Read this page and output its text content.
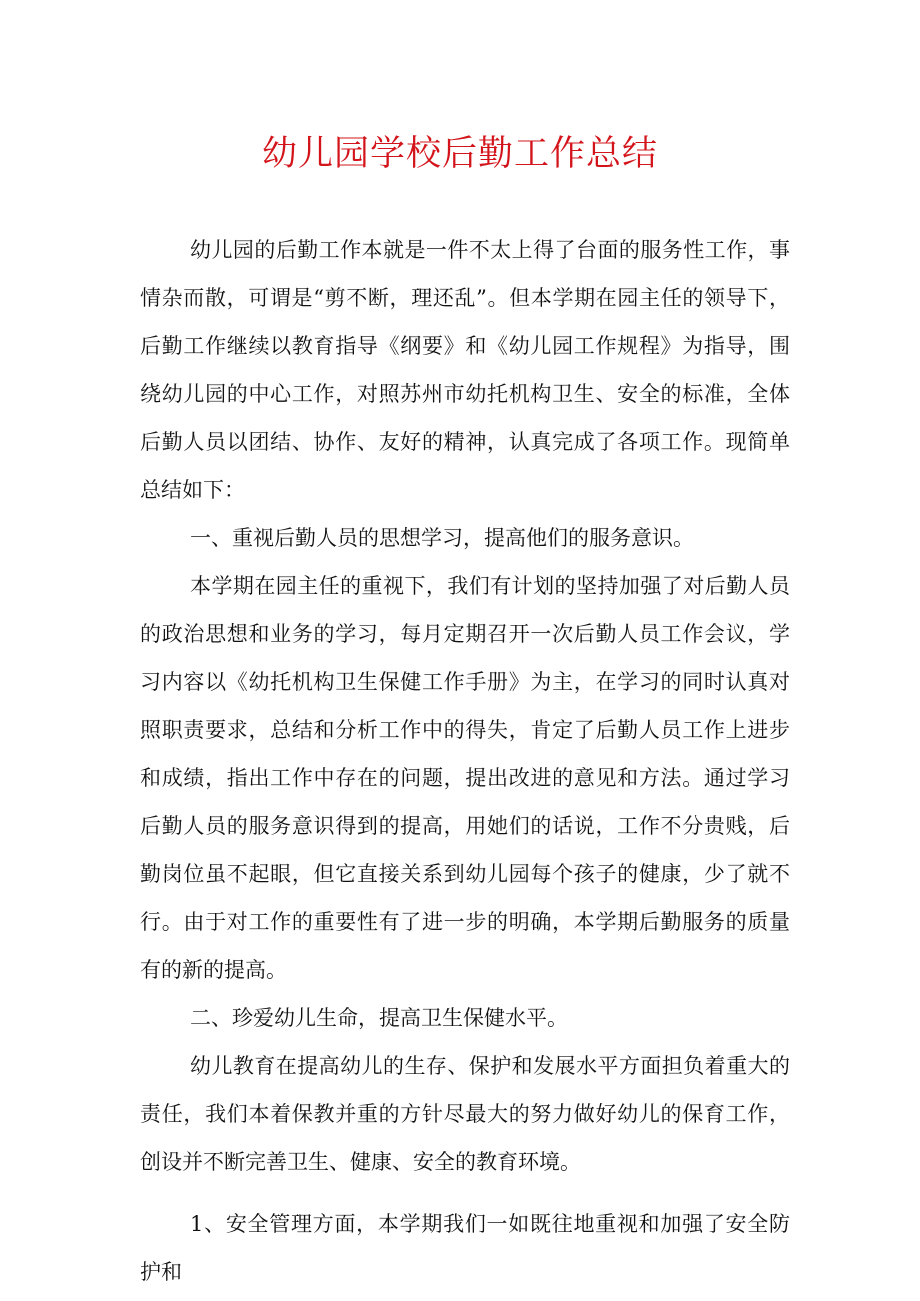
幼儿园学校后勤工作总结

幼儿园的后勤工作本就是一件不太上得了台面的服务性工作，事情杂而散，可谓是“剪不断，理还乱”。但本学期在园主任的领导下，后勤工作继续以教育指导《纲要》和《幼儿园工作规程》为指导，围绕幼儿园的中心工作，对照苏州市幼托机构卫生、安全的标准，全体后勤人员以团结、协作、友好的精神，认真完成了各项工作。现简单总结如下：

一、重视后勤人员的思想学习，提高他们的服务意识。

本学期在园主任的重视下，我们有计划的坚持加强了对后勤人员的政治思想和业务的学习，每月定期召开一次后勤人员工作会议，学习内容以《幼托机构卫生保健工作手册》为主，在学习的同时认真对照职责要求，总结和分析工作中的得失，肯定了后勤人员工作上进步和成绩，指出工作中存在的问题，提出改进的意见和方法。通过学习后勤人员的服务意识得到的提高，用她们的话说，工作不分贵贱，后勤岗位虽不起眼，但它直接关系到幼儿园每个孩子的健康，少了就不行。由于对工作的重要性有了进一步的明确，本学期后勤服务的质量有的新的提高。

二、珍爱幼儿生命，提高卫生保健水平。

幼儿教育在提高幼儿的生存、保护和发展水平方面担负着重大的责任，我们本着保教并重的方针尽最大的努力做好幼儿的保育工作，创设并不断完善卫生、健康、安全的教育环境。

1、安全管理方面，本学期我们一如既往地重视和加强了安全防护和
